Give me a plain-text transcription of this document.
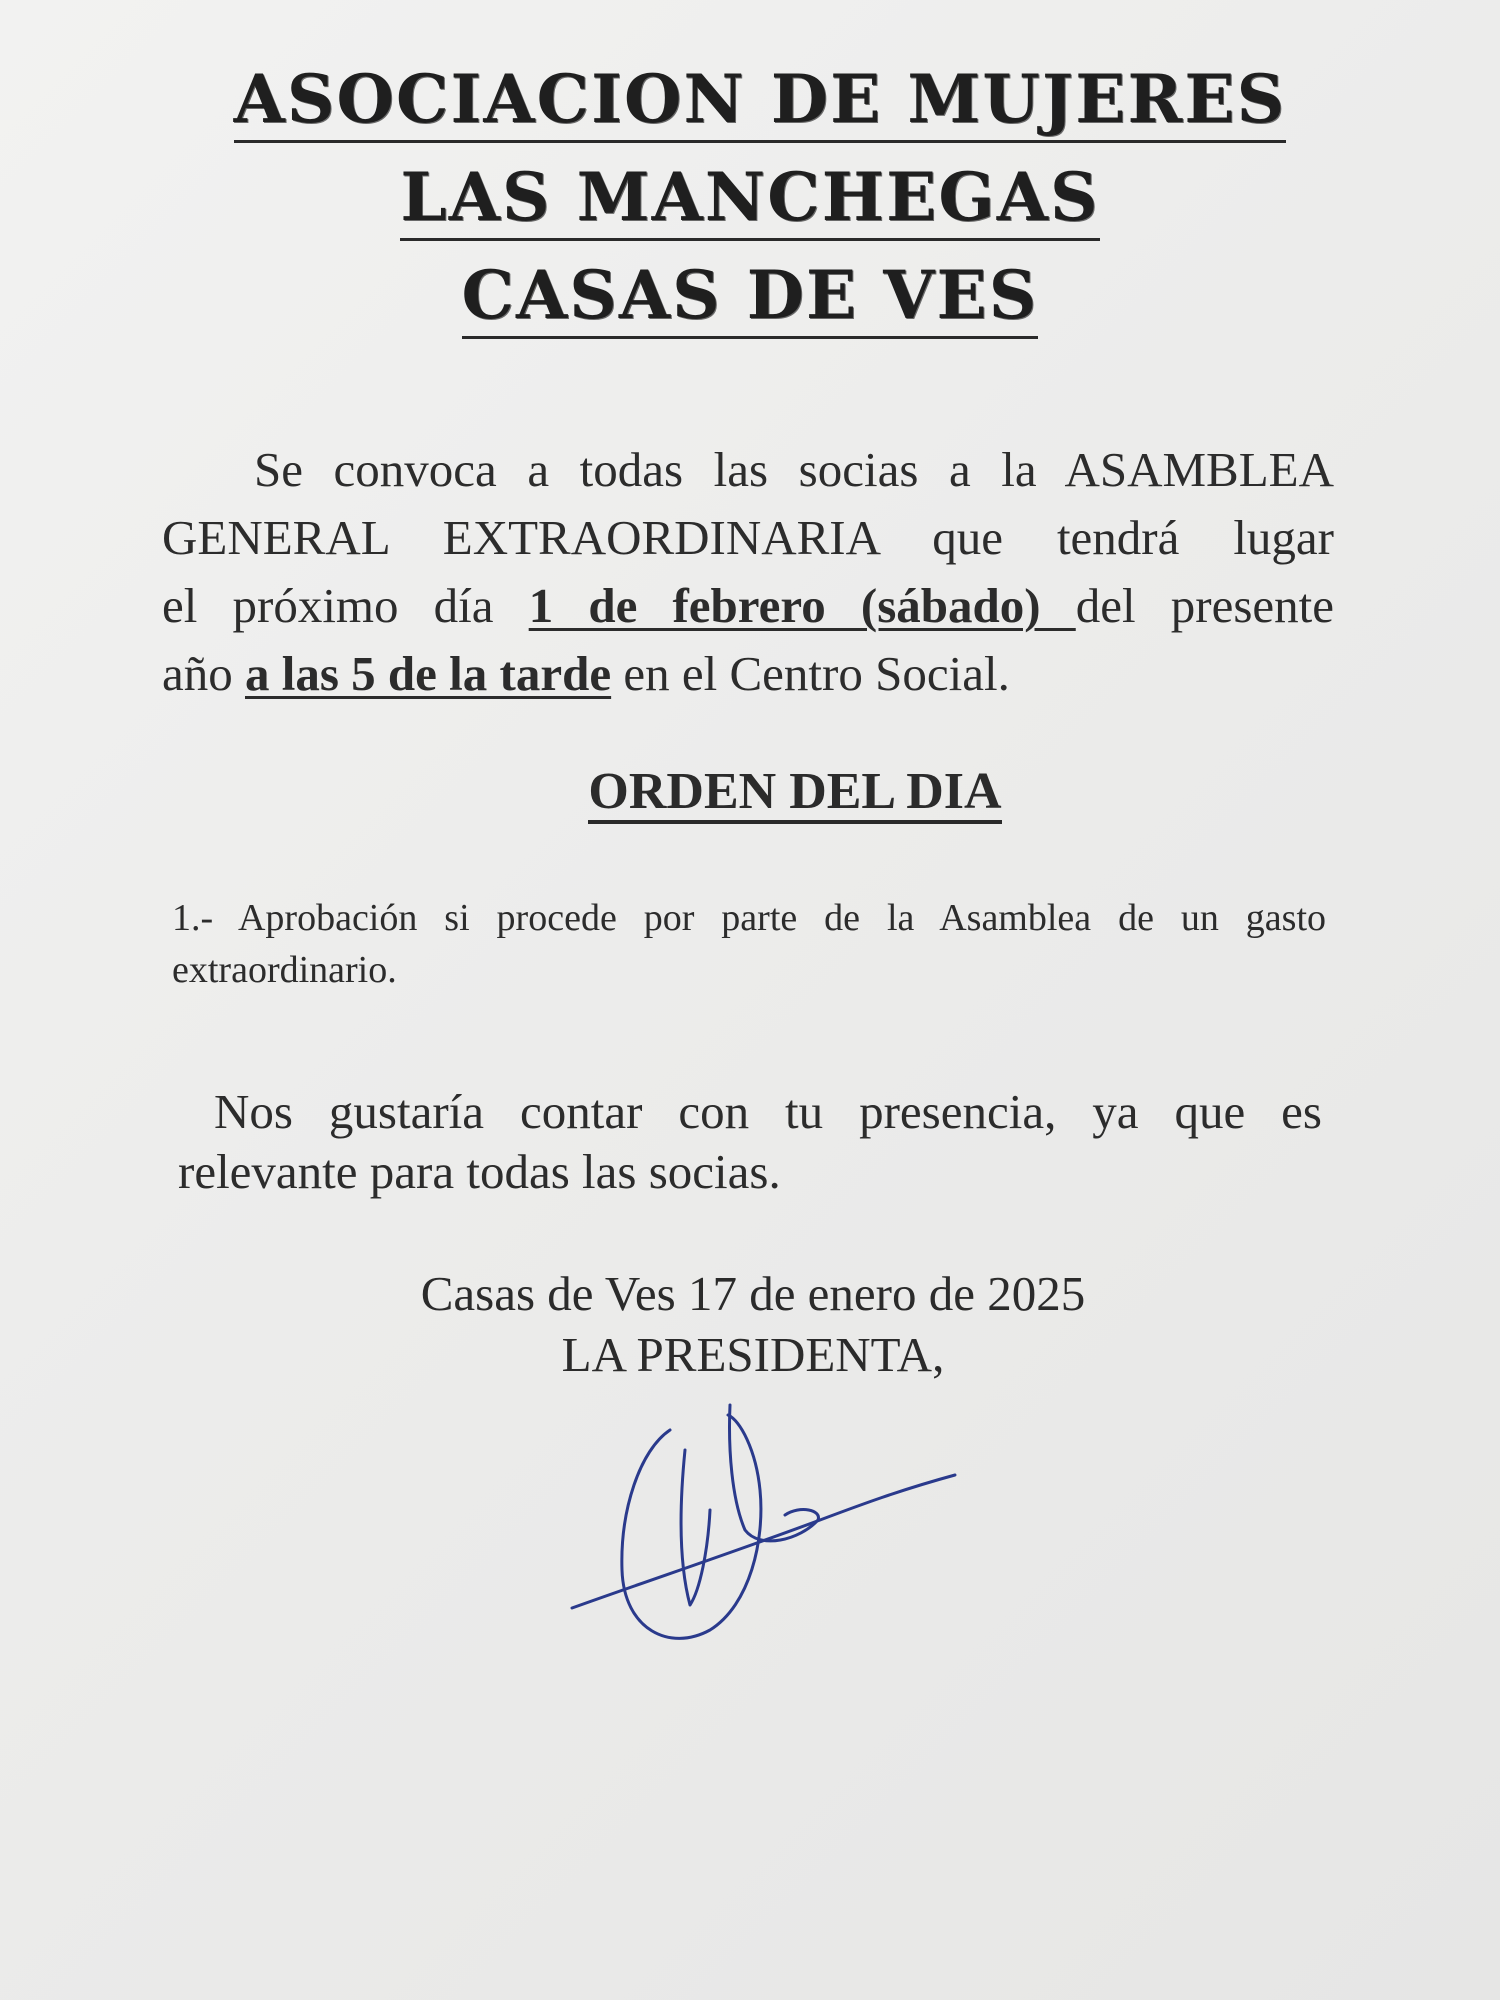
ASOCIACION DE MUJERES
LAS MANCHEGAS
CASAS DE VES
Se convoca a todas las socias a la ASAMBLEA
GENERAL EXTRAORDINARIA que tendrá lugar
el próximo día 1 de febrero (sábado) del presente
año a las 5 de la tarde en el Centro Social.
ORDEN DEL DIA
1.- Aprobación si procede por parte de la Asamblea de un gasto
extraordinario.
Nos gustaría contar con tu presencia, ya que es
relevante para todas las socias.
Casas de Ves 17 de enero de 2025
LA PRESIDENTA,
